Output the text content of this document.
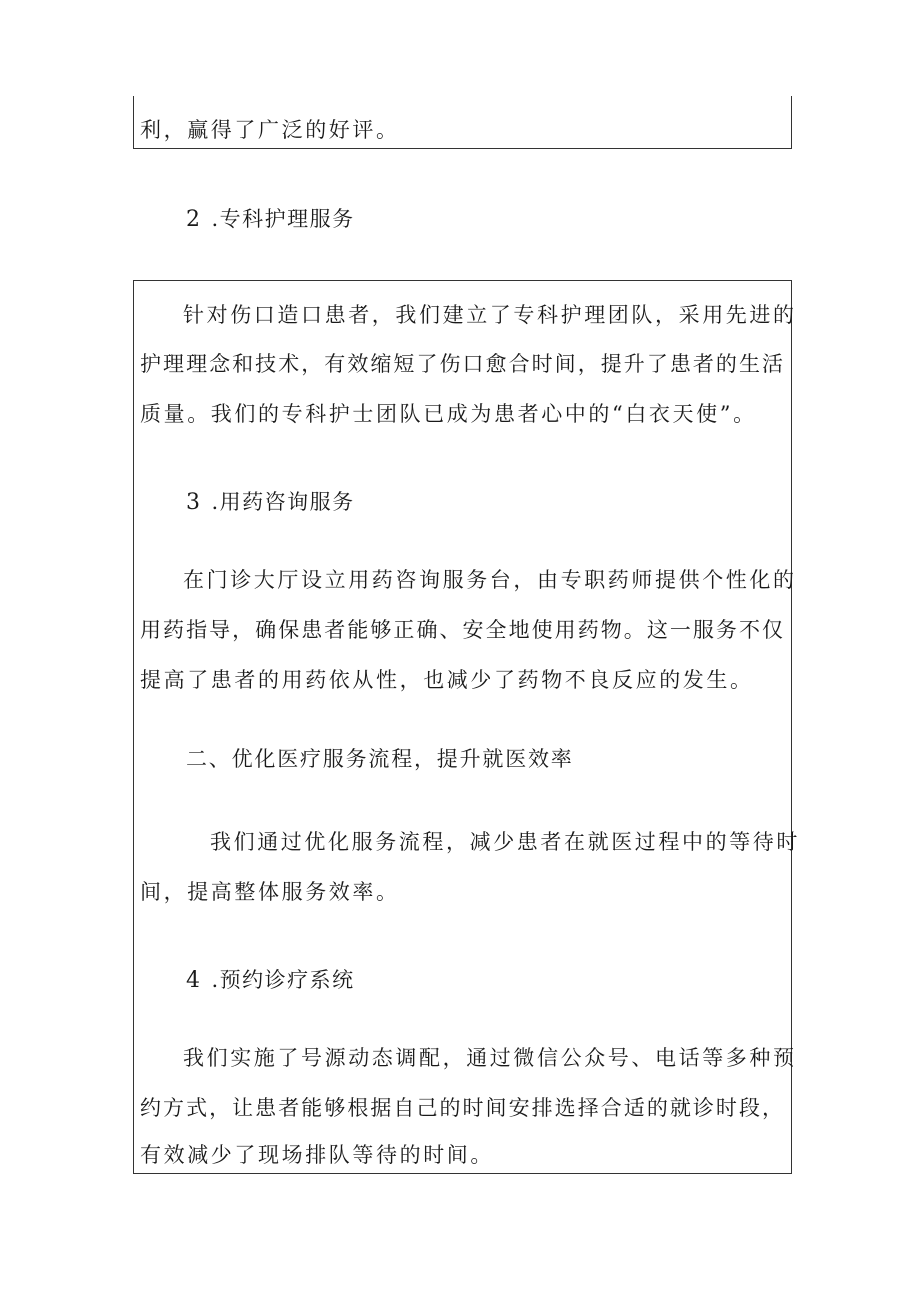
利，赢得了广泛的好评。
2 .专科护理服务
针对伤口造口患者，我们建立了专科护理团队，采用先进的
护理理念和技术，有效缩短了伤口愈合时间，提升了患者的生活
质量。我们的专科护士团队已成为患者心中的“白衣天使”。
3 .用药咨询服务
在门诊大厅设立用药咨询服务台，由专职药师提供个性化的
用药指导，确保患者能够正确、安全地使用药物。这一服务不仅
提高了患者的用药依从性，也减少了药物不良反应的发生。
二、优化医疗服务流程，提升就医效率
我们通过优化服务流程，减少患者在就医过程中的等待时
间，提高整体服务效率。
4 .预约诊疗系统
我们实施了号源动态调配，通过微信公众号、电话等多种预
约方式，让患者能够根据自己的时间安排选择合适的就诊时段，
有效减少了现场排队等待的时间。
